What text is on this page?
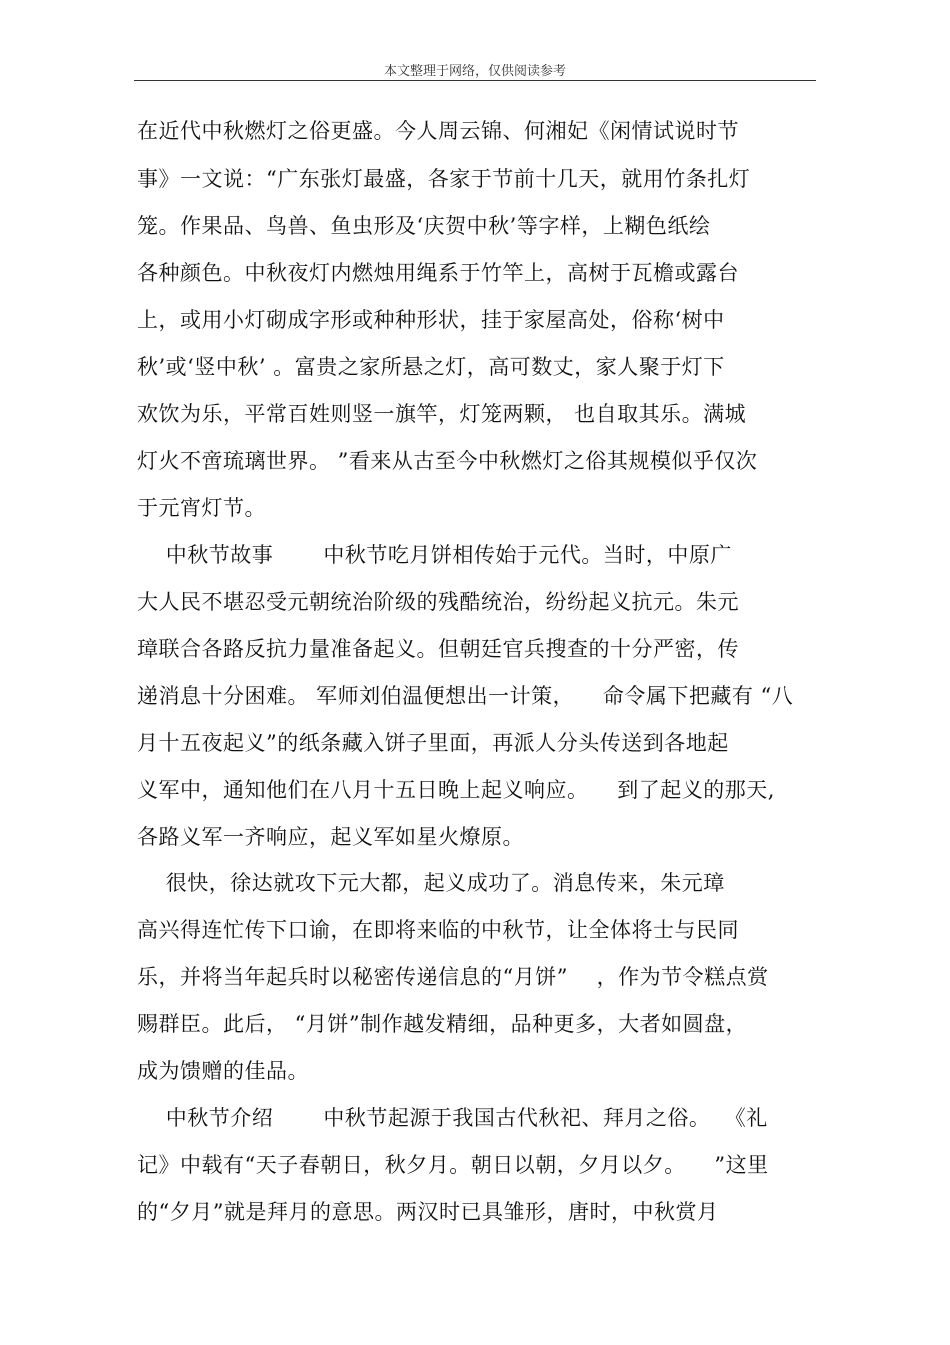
本文整理于网络，仅供阅读参考
在近代中秋燃灯之俗更盛。今人周云锦、何湘妃《闲情试说时节
事》一文说：“广东张灯最盛，各家于节前十几天，就用竹条扎灯
笼。作果品、鸟兽、鱼虫形及‘庆贺中秋’等字样，上糊色纸绘
各种颜色。中秋夜灯内燃烛用绳系于竹竿上，高树于瓦檐或露台
上，或用小灯砌成字形或种种形状，挂于家屋高处，俗称‘树中
秋’或‘竖中秋’ 。富贵之家所悬之灯，高可数丈，家人聚于灯下
欢饮为乐，平常百姓则竖一旗竿，灯笼两颗， 也自取其乐。满城
灯火不啻琉璃世界。 ”看来从古至今中秋燃灯之俗其规模似乎仅次
于元宵灯节。
中秋节故事       中秋节吃月饼相传始于元代。当时，中原广
大人民不堪忍受元朝统治阶级的残酷统治，纷纷起义抗元。朱元
璋联合各路反抗力量准备起义。但朝廷官兵搜查的十分严密，传
递消息十分困难。 军师刘伯温便想出一计策，    命令属下把藏有 “八
月十五夜起义”的纸条藏入饼子里面，再派人分头传送到各地起
义军中，通知他们在八月十五日晚上起义响应。    到了起义的那天,
各路义军一齐响应，起义军如星火燎原。
很快，徐达就攻下元大都，起义成功了。消息传来，朱元璋
高兴得连忙传下口谕，在即将来临的中秋节，让全体将士与民同
乐，并将当年起兵时以秘密传递信息的“月饼”    ，作为节令糕点赏
赐群臣。此后， “月饼”制作越发精细，品种更多，大者如圆盘，
成为馈赠的佳品。
中秋节介绍       中秋节起源于我国古代秋祀、拜月之俗。  《礼
记》中载有“天子春朝日，秋夕月。朝日以朝，夕月以夕。    ”这里
的“夕月”就是拜月的意思。两汉时已具雏形，唐时，中秋赏月
